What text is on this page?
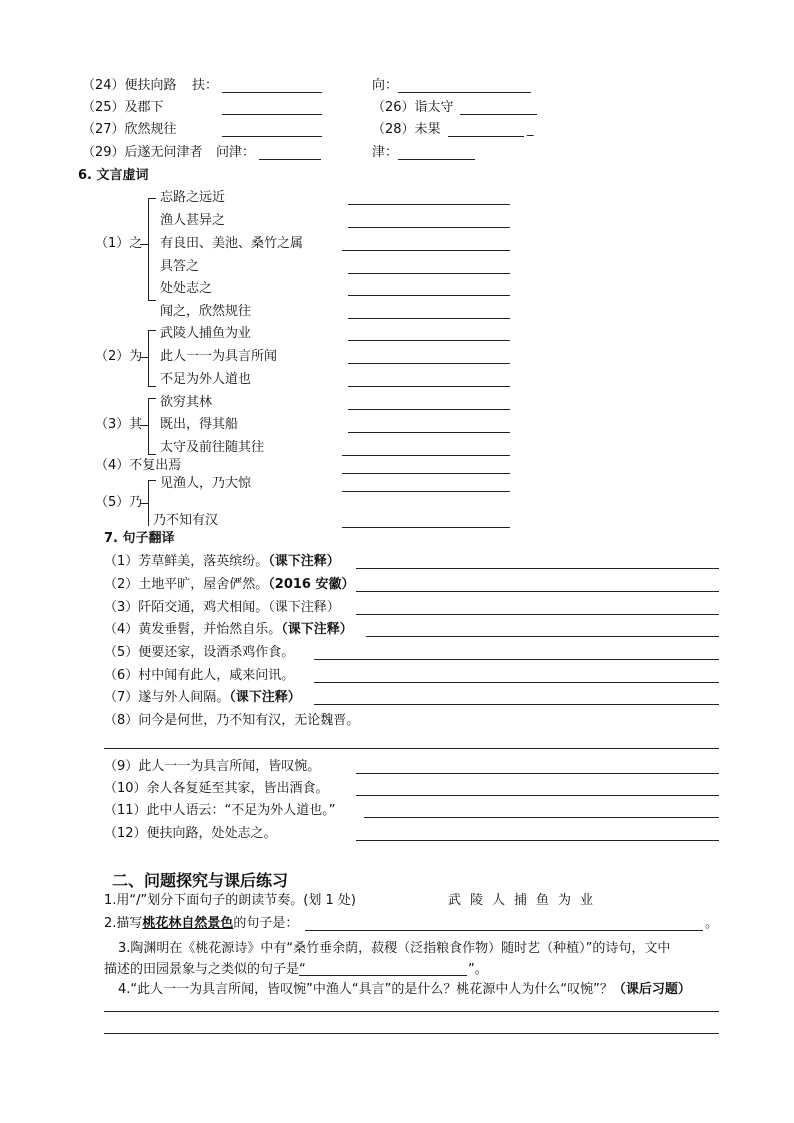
（24）便扶向路 扶：	向：
（25）及郡下	（26）诣太守
（27）欣然规往	（28）未果	_
（29）后遂无问津者 问津：	津：
6. 文言虚词
（1）之
忘路之远近
渔人甚异之
有良田、美池、桑竹之属
具答之
处处志之
闻之，欣然规往
（2）为
武陵人捕鱼为业
此人一一为具言所闻
不足为外人道也
（3）其
欲穷其林
既出，得其船
太守及前往随其往
（4）不复出焉
（5）乃
见渔人，乃大惊
乃不知有汉
7. 句子翻译
（1）芳草鲜美，落英缤纷。（课下注释）
（2）土地平旷，屋舍俨然。（2016 安徽）
（3）阡陌交通，鸡犬相闻。（课下注释）
（4）黄发垂髫，并怡然自乐。（课下注释）
（5）便要还家，设酒杀鸡作食。
（6）村中闻有此人，咸来问讯。
（7）遂与外人间隔。（课下注释）
（8）问今是何世，乃不知有汉，无论魏晋。
（9）此人一一为具言所闻，皆叹惋。
（10）余人各复延至其家，皆出酒食。
（11）此中人语云：“不足为外人道也。”
（12）便扶向路，处处志之。
二、问题探究与课后练习
1.用“/”划分下面句子的朗读节奏。(划 1 处)	武陵人捕鱼为业
2.描写桃花林自然景色的句子是：	。
3.陶渊明在《桃花源诗》中有“桑竹垂余荫，菽稷（泛指粮食作物）随时艺（种植）”的诗句，文中
描述的田园景象与之类似的句子是“	”。
4.“此人一一为具言所闻，皆叹惋”中渔人“具言”的是什么？桃花源中人为什么“叹惋”？（课后习题）
